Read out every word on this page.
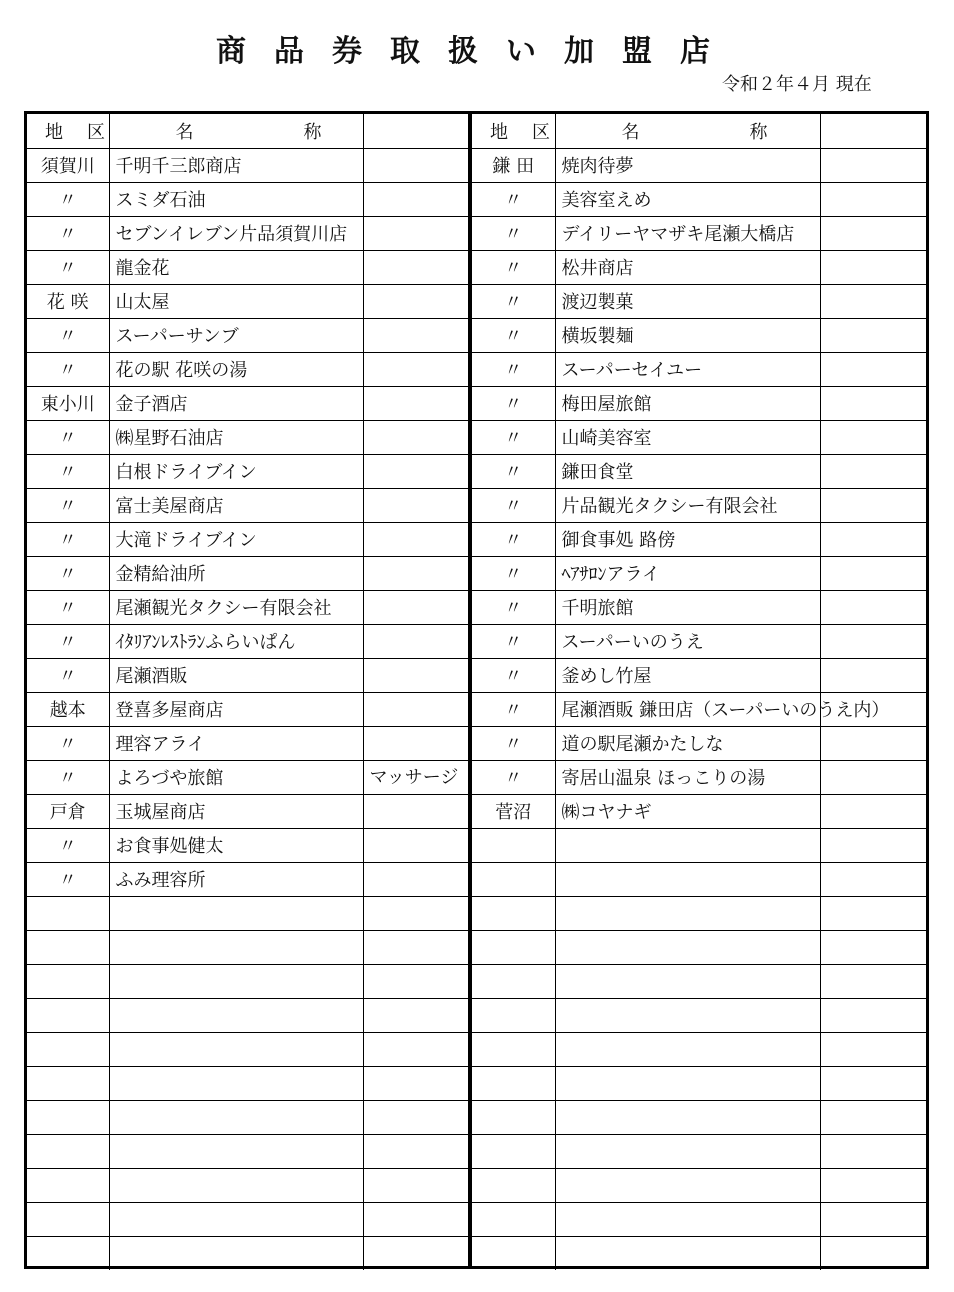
商品券取扱い加盟店
令和２年４月 現在
地区	名称	
須賀川	千明千三郎商店	
〃	スミダ石油	
〃	セブンイレブン片品須賀川店	
〃	龍金花	
花 咲	山太屋	
〃	スーパーサンブ	
〃	花の駅 花咲の湯	
東小川	金子酒店	
〃	㈱星野石油店	
〃	白根ドライブイン	
〃	富士美屋商店	
〃	大滝ドライブイン	
〃	金精給油所	
〃	尾瀬観光タクシー有限会社	
〃	ｲﾀﾘｱﾝﾚｽﾄﾗﾝふらいぱん	
〃	尾瀬酒販	
越本	登喜多屋商店	
〃	理容アライ	
〃	よろづや旅館	マッサージ
戸倉	玉城屋商店	
〃	お食事処健太	
〃	ふみ理容所	

地区	名称	
鎌 田	焼肉待夢	
〃	美容室えめ	
〃	デイリーヤマザキ尾瀬大橋店	
〃	松井商店	
〃	渡辺製菓	
〃	横坂製麺	
〃	スーパーセイユー	
〃	梅田屋旅館	
〃	山崎美容室	
〃	鎌田食堂	
〃	片品観光タクシー有限会社	
〃	御食事処 路傍	
〃	ﾍｱｻﾛﾝアライ	
〃	千明旅館	
〃	スーパーいのうえ	
〃	釜めし竹屋	
〃	尾瀬酒販 鎌田店（スーパーいのうえ内）	
〃	道の駅尾瀬かたしな	
〃	寄居山温泉 ほっこりの湯	
菅沼	㈱コヤナギ	
